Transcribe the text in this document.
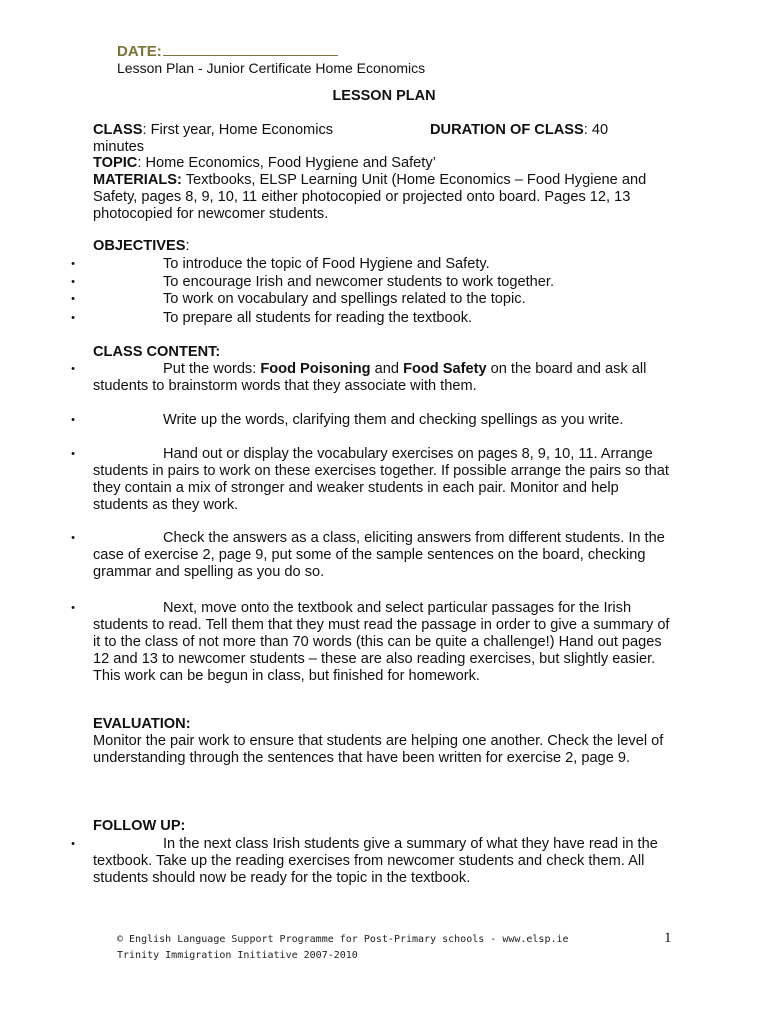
DATE:
Lesson Plan - Junior Certificate Home Economics
LESSON PLAN
CLASS: First year, Home Economics	DURATION OF CLASS: 40
minutes
TOPIC: Home Economics, Food Hygiene and Safety’
MATERIALS: Textbooks, ELSP Learning Unit (Home Economics – Food Hygiene and Safety, pages 8, 9, 10, 11 either photocopied or projected onto board. Pages 12, 13 photocopied for newcomer students.
OBJECTIVES:
•	To introduce the topic of Food Hygiene and Safety.
•	To encourage Irish and newcomer students to work together.
•	To work on vocabulary and spellings related to the topic.
•	To prepare all students for reading the textbook.
CLASS CONTENT:
•	Put the words: Food Poisoning and Food Safety on the board and ask all students to brainstorm words that they associate with them.
•	Write up the words, clarifying them and checking spellings as you write.
•	Hand out or display the vocabulary exercises on pages 8, 9, 10, 11. Arrange students in pairs to work on these exercises together. If possible arrange the pairs so that they contain a mix of stronger and weaker students in each pair. Monitor and help students as they work.
•	Check the answers as a class, eliciting answers from different students. In the case of exercise 2, page 9, put some of the sample sentences on the board, checking grammar and spelling as you do so.
•	Next, move onto the textbook and select particular passages for the Irish students to read. Tell them that they must read the passage in order to give a summary of it to the class of not more than 70 words (this can be quite a challenge!) Hand out pages 12 and 13 to newcomer students – these are also reading exercises, but slightly easier. This work can be begun in class, but finished for homework.
EVALUATION:
Monitor the pair work to ensure that students are helping one another. Check the level of understanding through the sentences that have been written for exercise 2, page 9.
FOLLOW UP:
•	In the next class Irish students give a summary of what they have read in the textbook. Take up the reading exercises from newcomer students and check them. All students should now be ready for the topic in the textbook.
© English Language Support Programme for Post-Primary schools - www.elsp.ie
Trinity Immigration Initiative 2007-2010
1
